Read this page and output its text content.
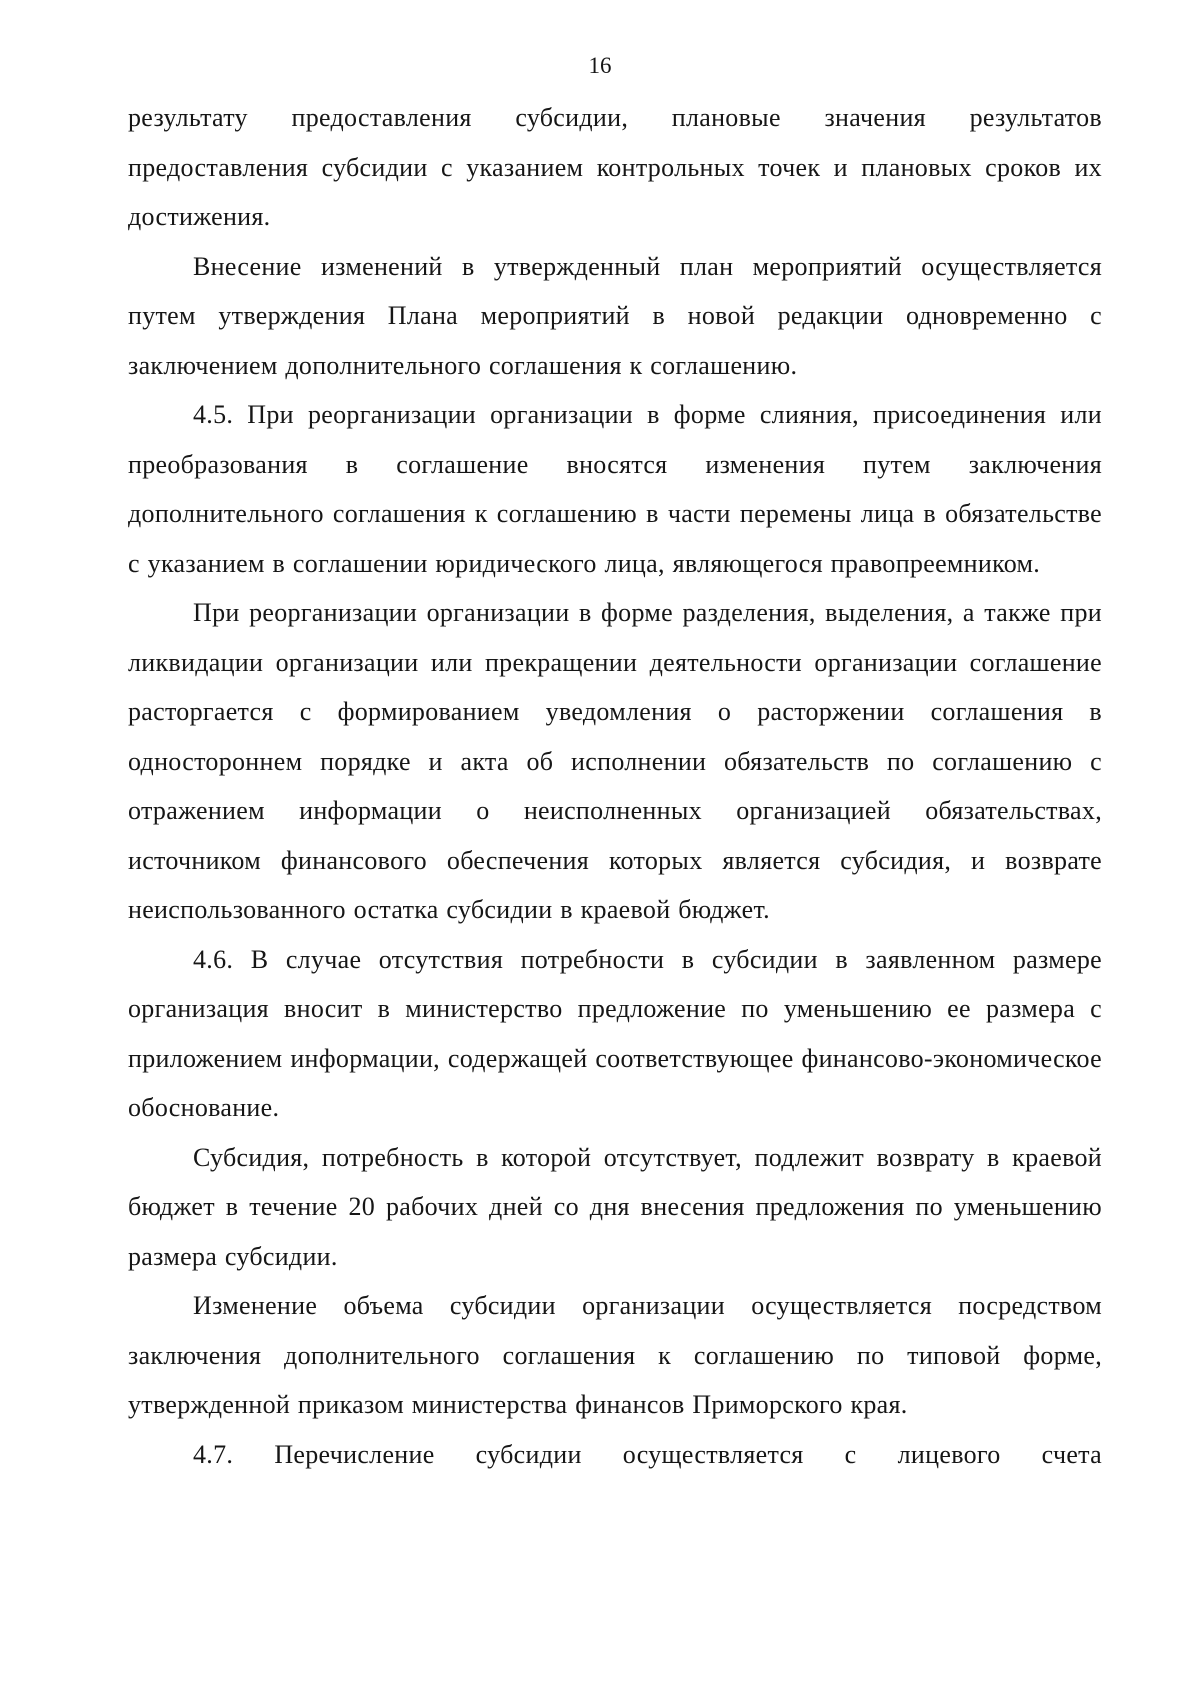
16

результату предоставления субсидии, плановые значения результатов предоставления субсидии с указанием контрольных точек и плановых сроков их достижения.

Внесение изменений в утвержденный план мероприятий осуществляется путем утверждения Плана мероприятий в новой редакции одновременно с заключением дополнительного соглашения к соглашению.

4.5. При реорганизации организации в форме слияния, присоединения или преобразования в соглашение вносятся изменения путем заключения дополнительного соглашения к соглашению в части перемены лица в обязательстве с указанием в соглашении юридического лица, являющегося правопреемником.

При реорганизации организации в форме разделения, выделения, а также при ликвидации организации или прекращении деятельности организации соглашение расторгается с формированием уведомления о расторжении соглашения в одностороннем порядке и акта об исполнении обязательств по соглашению с отражением информации о неисполненных организацией обязательствах, источником финансового обеспечения которых является субсидия, и возврате неиспользованного остатка субсидии в краевой бюджет.

4.6. В случае отсутствия потребности в субсидии в заявленном размере организация вносит в министерство предложение по уменьшению ее размера с приложением информации, содержащей соответствующее финансово-экономическое обоснование.

Субсидия, потребность в которой отсутствует, подлежит возврату в краевой бюджет в течение 20 рабочих дней со дня внесения предложения по уменьшению размера субсидии.

Изменение объема субсидии организации осуществляется посредством заключения дополнительного соглашения к соглашению по типовой форме, утвержденной приказом министерства финансов Приморского края.

4.7. Перечисление субсидии осуществляется с лицевого счета
